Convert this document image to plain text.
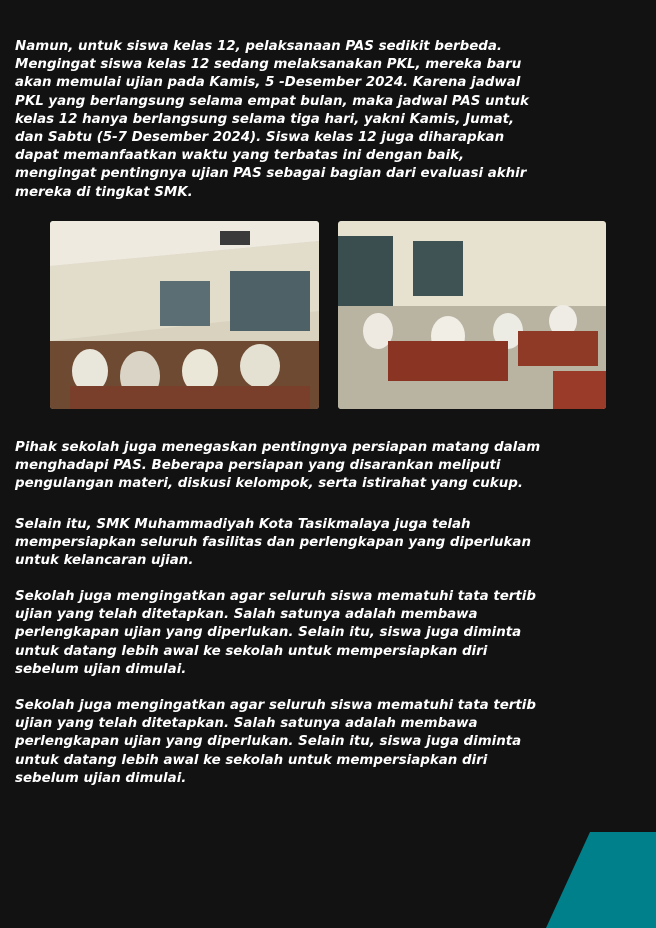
Namun, untuk siswa kelas 12, pelaksanaan PAS sedikit berbeda. Mengingat siswa kelas 12 sedang melaksanakan PKL, mereka baru akan memulai ujian pada Kamis, 5 -Desember 2024. Karena jadwal PKL yang berlangsung selama empat bulan, maka jadwal PAS untuk kelas 12 hanya berlangsung selama tiga hari, yakni Kamis, Jumat, dan Sabtu (5-7 Desember 2024). Siswa kelas 12 juga diharapkan dapat memanfaatkan waktu yang terbatas ini dengan baik, mengingat pentingnya ujian PAS sebagai bagian dari evaluasi akhir mereka di tingkat SMK.

Pihak sekolah juga menegaskan pentingnya persiapan matang dalam menghadapi PAS. Beberapa persiapan yang disarankan meliputi pengulangan materi, diskusi kelompok, serta istirahat yang cukup.

Selain itu, SMK Muhammadiyah Kota Tasikmalaya juga telah mempersiapkan seluruh fasilitas dan perlengkapan yang diperlukan untuk kelancaran ujian.

Sekolah juga mengingatkan agar seluruh siswa mematuhi tata tertib ujian yang telah ditetapkan. Salah satunya adalah membawa perlengkapan ujian yang diperlukan. Selain itu, siswa juga diminta untuk datang lebih awal ke sekolah untuk mempersiapkan diri sebelum ujian dimulai.

Sekolah juga mengingatkan agar seluruh siswa mematuhi tata tertib ujian yang telah ditetapkan. Salah satunya adalah membawa perlengkapan ujian yang diperlukan. Selain itu, siswa juga diminta untuk datang lebih awal ke sekolah untuk mempersiapkan diri sebelum ujian dimulai.
